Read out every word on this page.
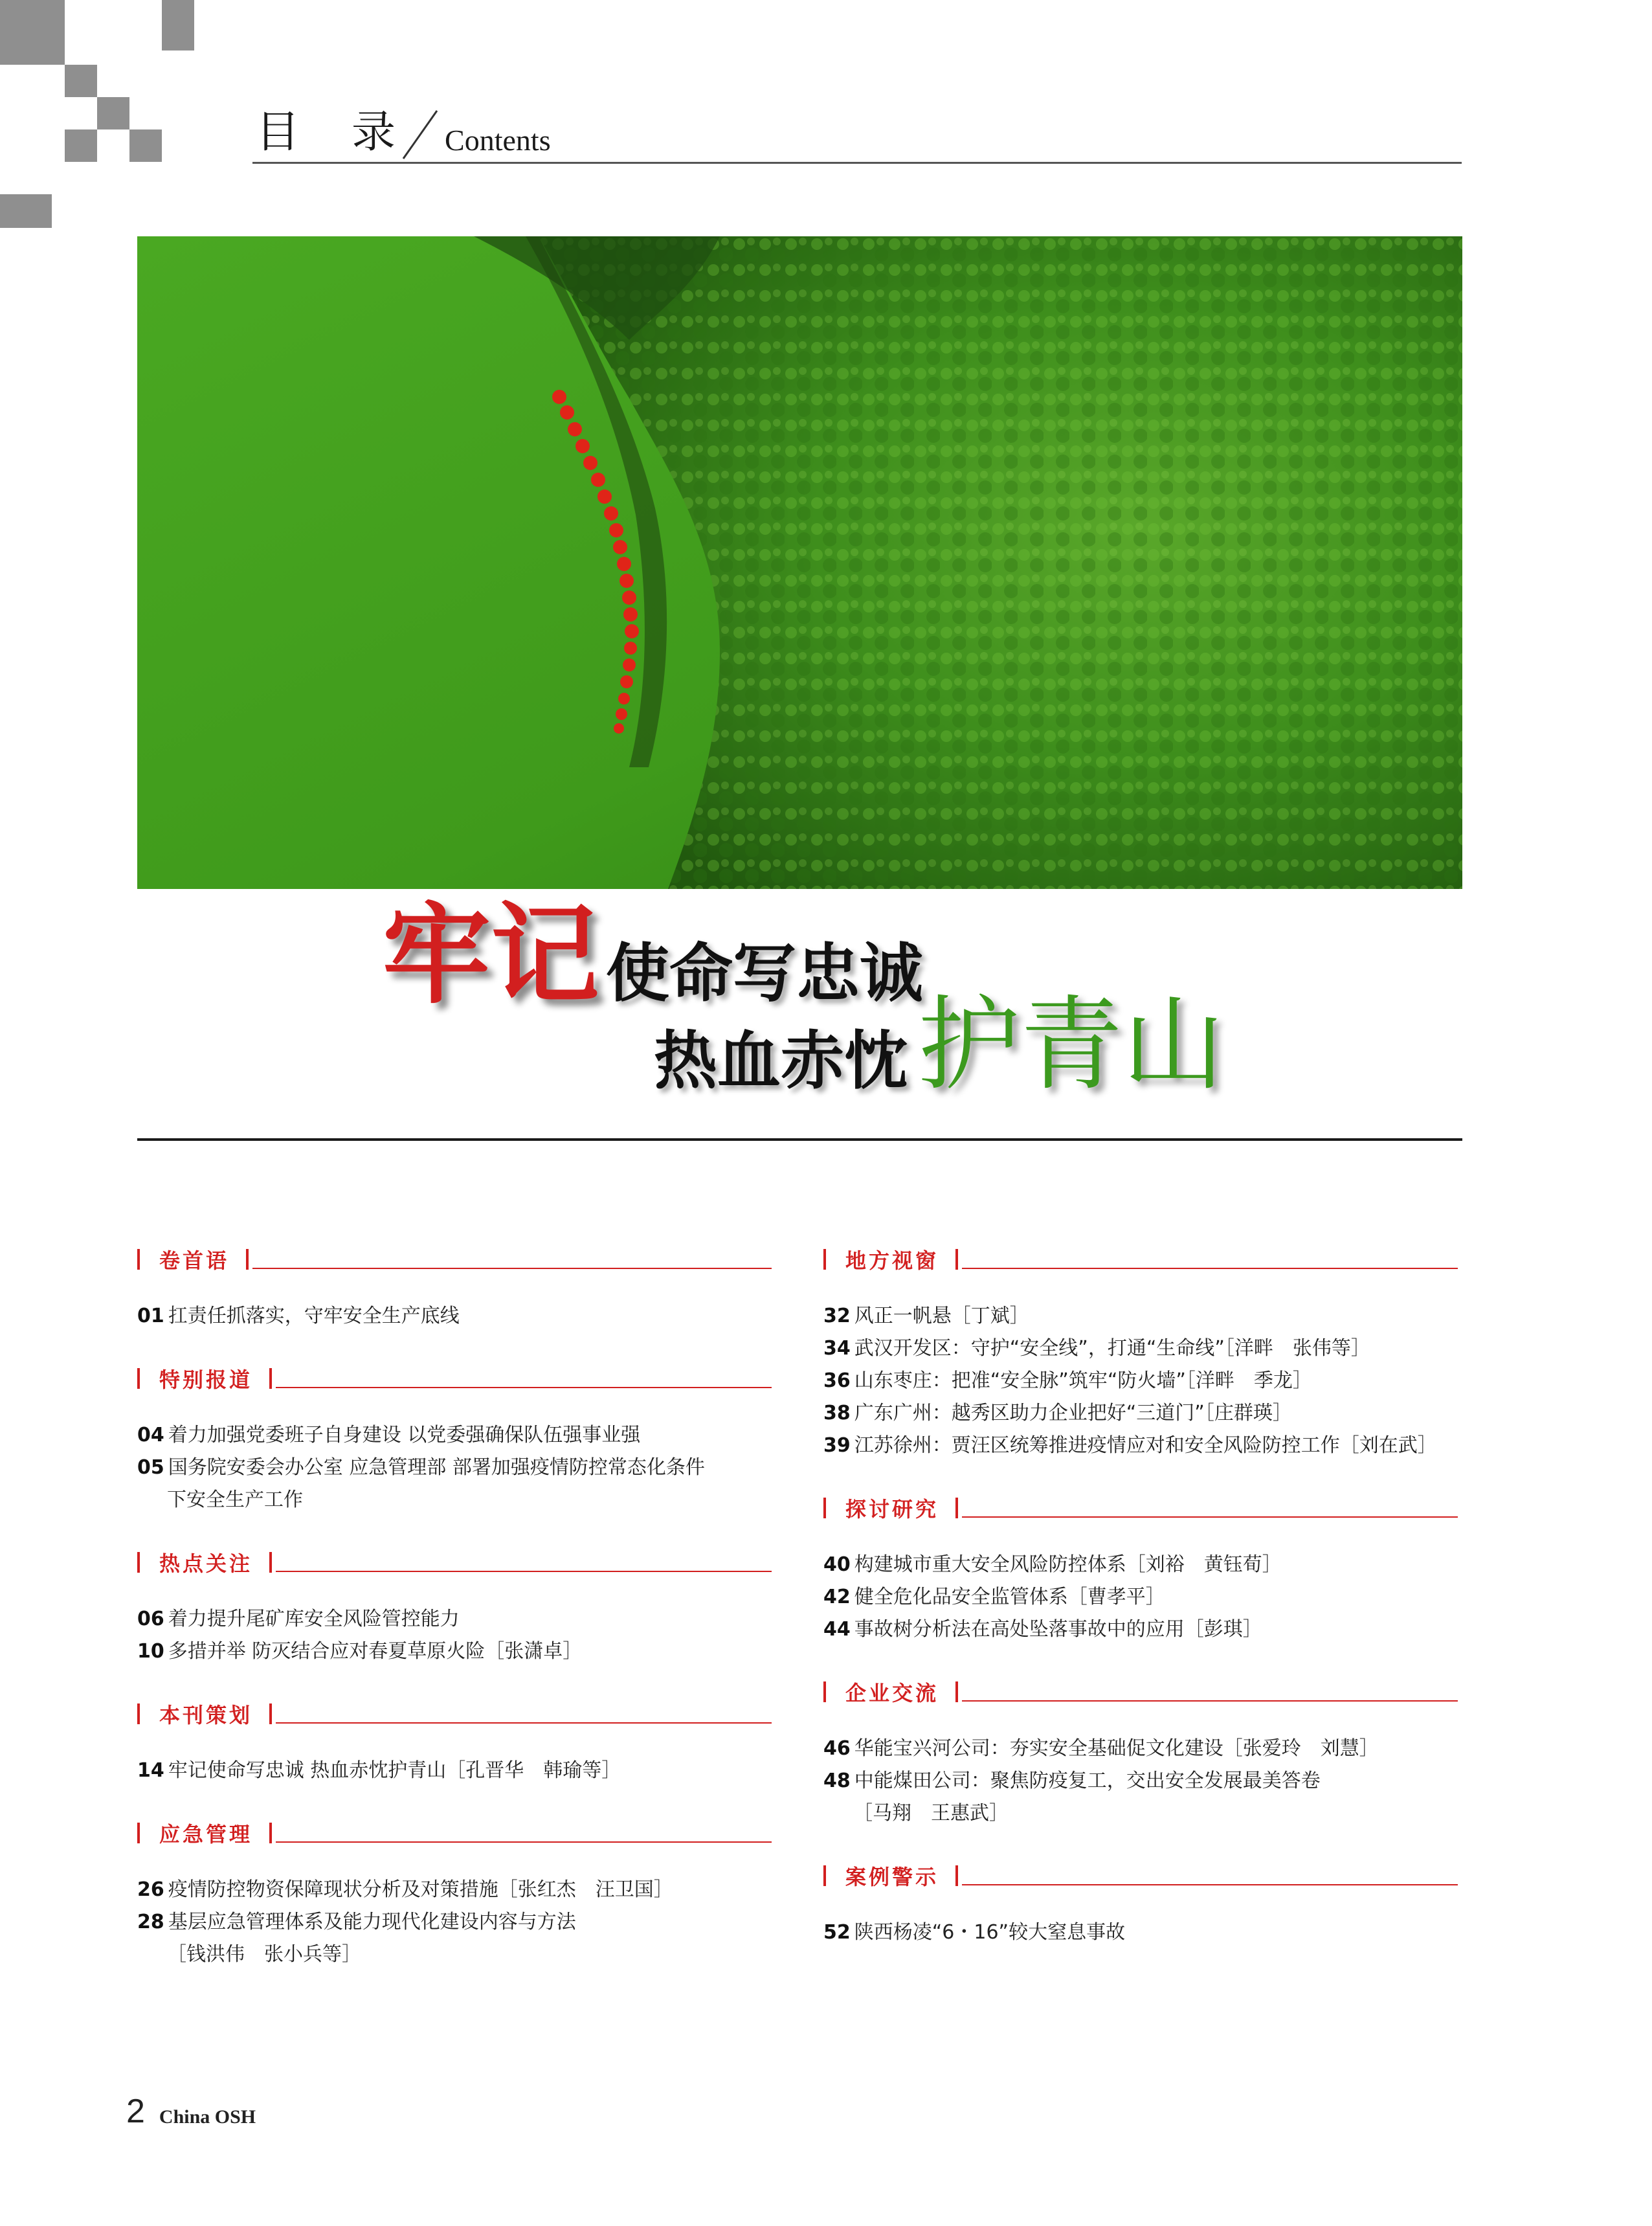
目 录 Contents
牢记 使命写忠诚
热血赤忱 护青山
卷首语
01 扛责任抓落实，守牢安全生产底线
特别报道
04 着力加强党委班子自身建设 以党委强确保队伍强事业强
05 国务院安委会办公室 应急管理部 部署加强疫情防控常态化条件
下安全生产工作
热点关注
06 着力提升尾矿库安全风险管控能力
10 多措并举 防灭结合应对春夏草原火险［张潇卓］
本刊策划
14 牢记使命写忠诚 热血赤忱护青山［孔晋华　韩瑜等］
应急管理
26 疫情防控物资保障现状分析及对策措施［张红杰　汪卫国］
28 基层应急管理体系及能力现代化建设内容与方法
［钱洪伟　张小兵等］
地方视窗
32 风正一帆悬［丁斌］
34 武汉开发区：守护“安全线”，打通“生命线”［洋畔　张伟等］
36 山东枣庄：把准“安全脉”筑牢“防火墙”［洋畔　季龙］
38 广东广州：越秀区助力企业把好“三道门”［庄群瑛］
39 江苏徐州：贾汪区统筹推进疫情应对和安全风险防控工作［刘在武］
探讨研究
40 构建城市重大安全风险防控体系［刘裕　黄钰荀］
42 健全危化品安全监管体系［曹孝平］
44 事故树分析法在高处坠落事故中的应用［彭琪］
企业交流
46 华能宝兴河公司：夯实安全基础促文化建设［张爱玲　刘慧］
48 中能煤田公司：聚焦防疫复工，交出安全发展最美答卷
［马翔　王惠武］
案例警示
52 陕西杨凌“6・16”较大窒息事故
2 China OSH
